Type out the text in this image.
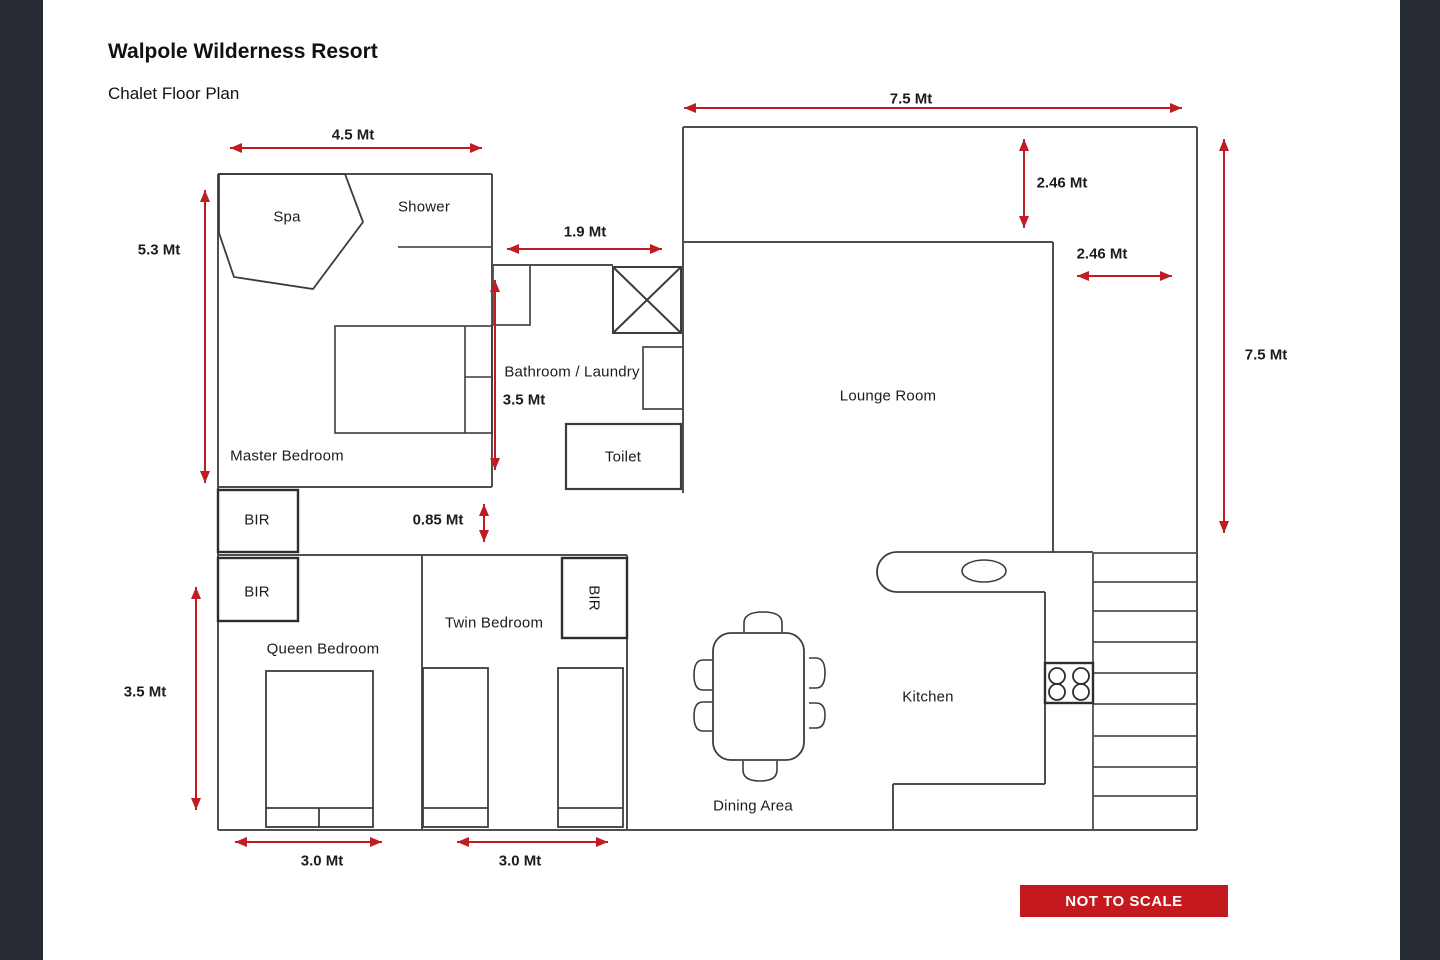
Walpole Wilderness Resort
Chalet Floor Plan
Spa
Shower
Master Bedroom
Bathroom / Laundry
Toilet
Lounge Room
BIR
BIR	BIR
Queen Bedroom
Twin Bedroom
Kitchen
Dining Area
4.5 Mt
5.3 Mt
7.5 Mt
2.46 Mt
2.46 Mt
7.5 Mt
1.9 Mt
3.5 Mt
0.85 Mt
3.5 Mt
3.0 Mt	3.0 Mt
NOT TO SCALE
